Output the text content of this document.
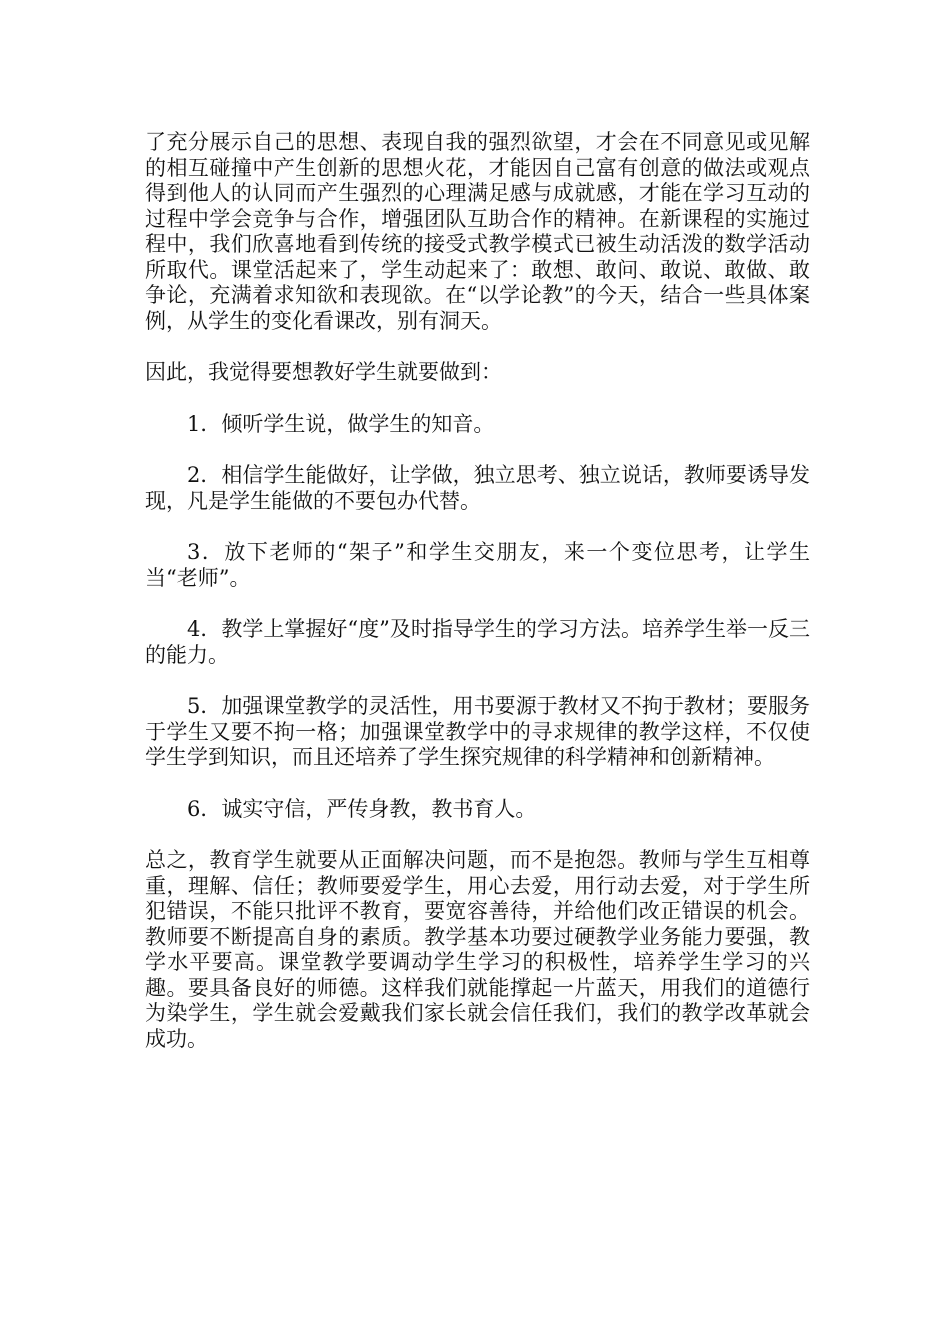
了充分展示自己的思想、表现自我的强烈欲望，才会在不同意见或见解的相互碰撞中产生创新的思想火花，才能因自己富有创意的做法或观点得到他人的认同而产生强烈的心理满足感与成就感，才能在学习互动的过程中学会竞争与合作，增强团队互助合作的精神。在新课程的实施过程中，我们欣喜地看到传统的接受式教学模式已被生动活泼的数学活动所取代。课堂活起来了，学生动起来了：敢想、敢问、敢说、敢做、敢争论，充满着求知欲和表现欲。在“以学论教”的今天，结合一些具体案例，从学生的变化看课改，别有洞天。

因此，我觉得要想教好学生就要做到：

1．倾听学生说，做学生的知音。

2．相信学生能做好，让学做，独立思考、独立说话，教师要诱导发现，凡是学生能做的不要包办代替。

3．放下老师的“架子”和学生交朋友，来一个变位思考，让学生当“老师”。

4．教学上掌握好“度”及时指导学生的学习方法。培养学生举一反三的能力。

5．加强课堂教学的灵活性，用书要源于教材又不拘于教材；要服务于学生又要不拘一格；加强课堂教学中的寻求规律的教学这样，不仅使学生学到知识，而且还培养了学生探究规律的科学精神和创新精神。

6．诚实守信，严传身教，教书育人。

总之，教育学生就要从正面解决问题，而不是抱怨。教师与学生互相尊重，理解、信任；教师要爱学生，用心去爱，用行动去爱，对于学生所犯错误，不能只批评不教育，要宽容善待，并给他们改正错误的机会。教师要不断提高自身的素质。教学基本功要过硬教学业务能力要强，教学水平要高。课堂教学要调动学生学习的积极性，培养学生学习的兴趣。要具备良好的师德。这样我们就能撑起一片蓝天，用我们的道德行为染学生，学生就会爱戴我们家长就会信任我们，我们的教学改革就会成功。
